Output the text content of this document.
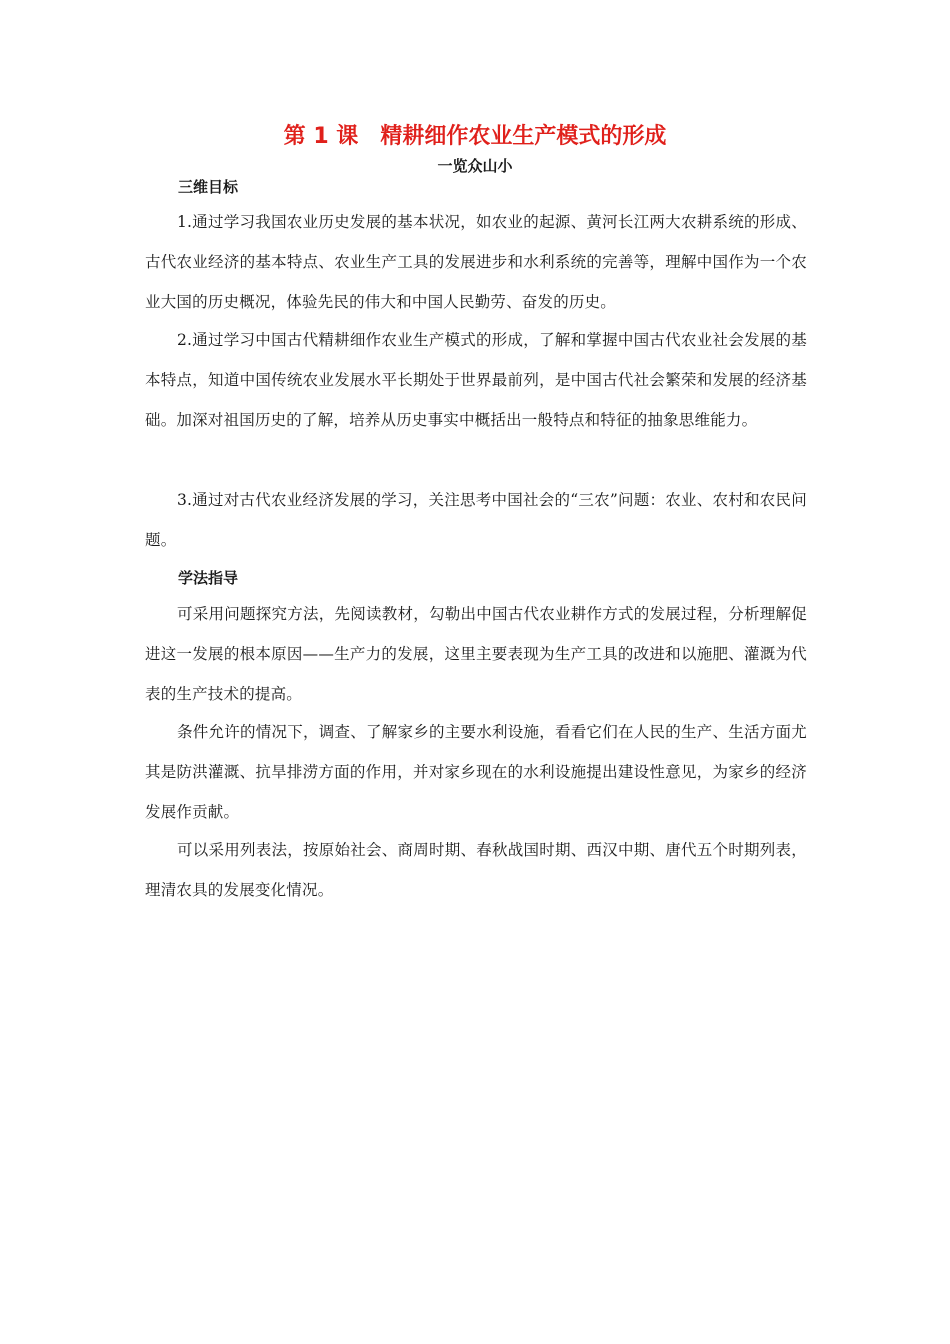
第 1 课 精耕细作农业生产模式的形成
一览众山小
三维目标

1.通过学习我国农业历史发展的基本状况，如农业的起源、黄河长江两大农耕系统的形成、古代农业经济的基本特点、农业生产工具的发展进步和水利系统的完善等，理解中国作为一个农业大国的历史概况，体验先民的伟大和中国人民勤劳、奋发的历史。

2.通过学习中国古代精耕细作农业生产模式的形成，了解和掌握中国古代农业社会发展的基本特点，知道中国传统农业发展水平长期处于世界最前列，是中国古代社会繁荣和发展的经济基础。加深对祖国历史的了解，培养从历史事实中概括出一般特点和特征的抽象思维能力。

3.通过对古代农业经济发展的学习，关注思考中国社会的“三农”问题：农业、农村和农民问题。

学法指导

可采用问题探究方法，先阅读教材，勾勒出中国古代农业耕作方式的发展过程，分析理解促进这一发展的根本原因——生产力的发展，这里主要表现为生产工具的改进和以施肥、灌溉为代表的生产技术的提高。

条件允许的情况下，调查、了解家乡的主要水利设施，看看它们在人民的生产、生活方面尤其是防洪灌溉、抗旱排涝方面的作用，并对家乡现在的水利设施提出建设性意见，为家乡的经济发展作贡献。

可以采用列表法，按原始社会、商周时期、春秋战国时期、西汉中期、唐代五个时期列表，理清农具的发展变化情况。
